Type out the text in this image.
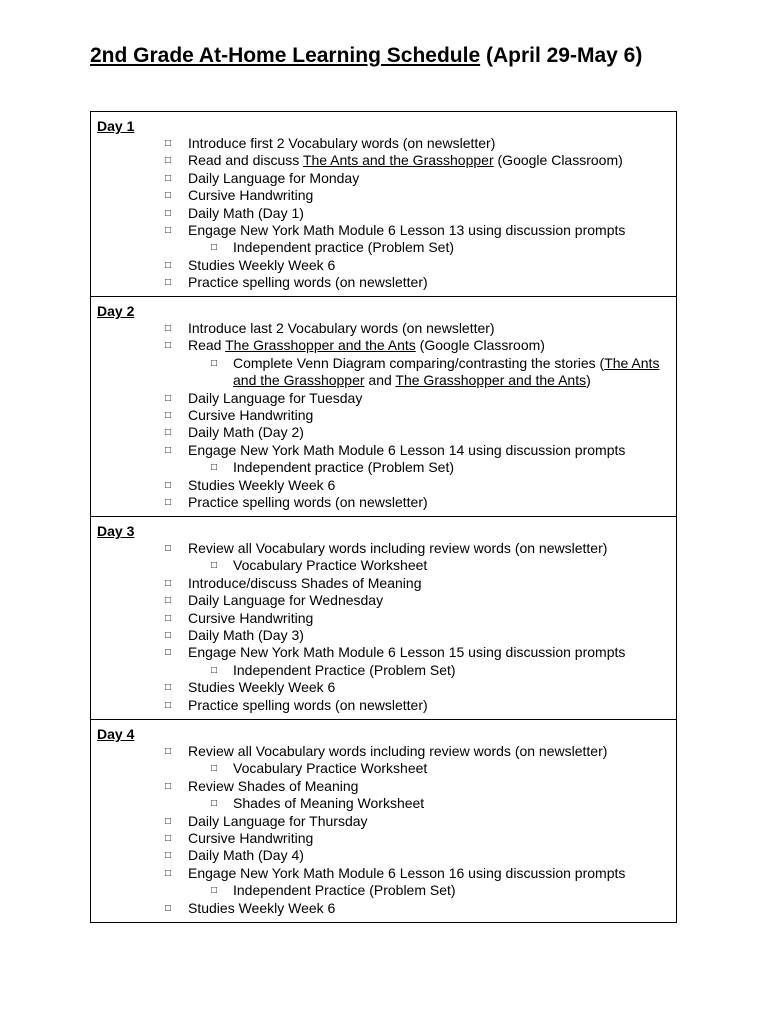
2nd Grade At-Home Learning Schedule (April 29-May 6)
Day 1
□ Introduce first 2 Vocabulary words (on newsletter)
□ Read and discuss The Ants and the Grasshopper (Google Classroom)
□ Daily Language for Monday
□ Cursive Handwriting
□ Daily Math (Day 1)
□ Engage New York Math Module 6 Lesson 13 using discussion prompts
□ Independent practice (Problem Set)
□ Studies Weekly Week 6
□ Practice spelling words (on newsletter)
Day 2
□ Introduce last 2 Vocabulary words (on newsletter)
□ Read The Grasshopper and the Ants (Google Classroom)
□ Complete Venn Diagram comparing/contrasting the stories (The Ants and the Grasshopper and The Grasshopper and the Ants)
□ Daily Language for Tuesday
□ Cursive Handwriting
□ Daily Math (Day 2)
□ Engage New York Math Module 6 Lesson 14 using discussion prompts
□ Independent practice (Problem Set)
□ Studies Weekly Week 6
□ Practice spelling words (on newsletter)
Day 3
□ Review all Vocabulary words including review words (on newsletter)
□ Vocabulary Practice Worksheet
□ Introduce/discuss Shades of Meaning
□ Daily Language for Wednesday
□ Cursive Handwriting
□ Daily Math (Day 3)
□ Engage New York Math Module 6 Lesson 15 using discussion prompts
□ Independent Practice (Problem Set)
□ Studies Weekly Week 6
□ Practice spelling words (on newsletter)
Day 4
□ Review all Vocabulary words including review words (on newsletter)
□ Vocabulary Practice Worksheet
□ Review Shades of Meaning
□ Shades of Meaning Worksheet
□ Daily Language for Thursday
□ Cursive Handwriting
□ Daily Math (Day 4)
□ Engage New York Math Module 6 Lesson 16 using discussion prompts
□ Independent Practice (Problem Set)
□ Studies Weekly Week 6
